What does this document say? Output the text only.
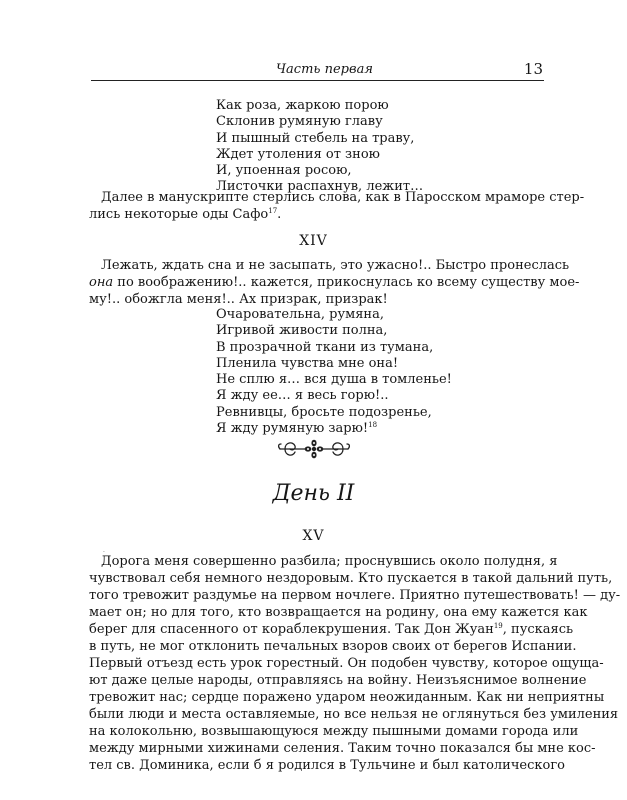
Часть первая	13
Как роза, жаркою порою
Склонив румяную главу
И пышный стебель на траву,
Ждет утоления от зною
И, упоенная росою,
Листочки распахнув, лежит…
Далее в манускрипте стерлись слова, как в Паросском мраморе стер-
лись некоторые оды Сафо$^{17}$.
XIV
Лежать, ждать сна и не засыпать, это ужасно!.. Быстро пронеслась
она по воображению!.. кажется, прикоснулась ко всему существу мое-
му!.. обожгла меня!.. Ах призрак, призрак!
Очаровательна, румяна,
Игривой живости полна,
В прозрачной ткани из тумана,
Пленила чувства мне она!
Не сплю я… вся душа в томленье!
Я жду ее… я весь горю!..
Ревнивцы, бросьте подозренье,
Я жду румяную зарю!$^{18}$
День II
XV
·
Дорога меня совершенно разбила; проснувшись около полудня, я
чувствовал себя немного нездоровым. Кто пускается в такой дальний путь,
того тревожит раздумье на первом ночлеге. Приятно путешествовать! — ду-
мает он; но для того, кто возвращается на родину, она ему кажется как
берег для спасенного от кораблекрушения. Так Дон Жуан$^{19}$, пускаясь
в путь, не мог отклонить печальных взоров своих от берегов Испании.
Первый отъезд есть урок горестный. Он подобен чувству, которое ощуща-
ют даже целые народы, отправляясь на войну. Неизъяснимое волнение
тревожит нас; сердце поражено ударом неожиданным. Как ни неприятны
были люди и места оставляемые, но все нельзя не оглянуться без умиления
на колокольню, возвышающуюся между пышными домами города или
между мирными хижинами селения. Таким точно показался бы мне кос-
тел св. Доминика, если б я родился в Тульчине и был католического
